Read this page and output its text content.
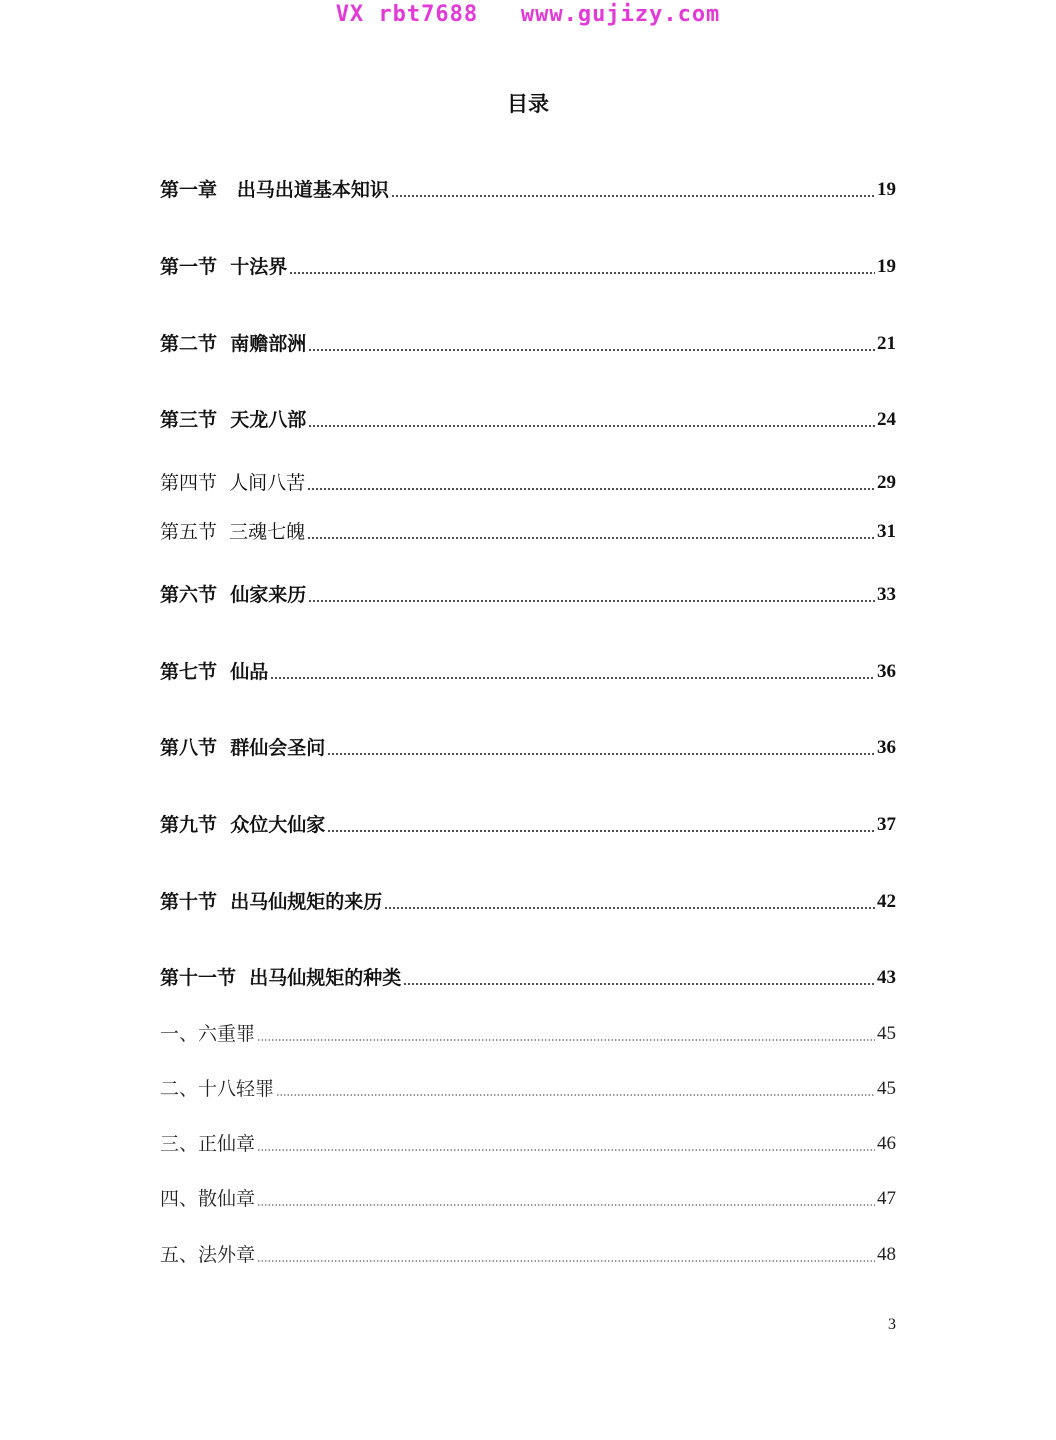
VX rbt7688   www.gujizy.com
目录
第一章   出马出道基本知识	19
第一节  十法界	19
第二节  南赡部洲	21
第三节  天龙八部	24
第四节  人间八苦	29
第五节  三魂七魄	31
第六节  仙家来历	33
第七节  仙品	36
第八节  群仙会圣问	36
第九节  众位大仙家	37
第十节  出马仙规矩的来历	42
第十一节  出马仙规矩的种类	43
一、六重罪	45
二、十八轻罪	45
三、正仙章	46
四、散仙章	47
五、法外章	48
3
